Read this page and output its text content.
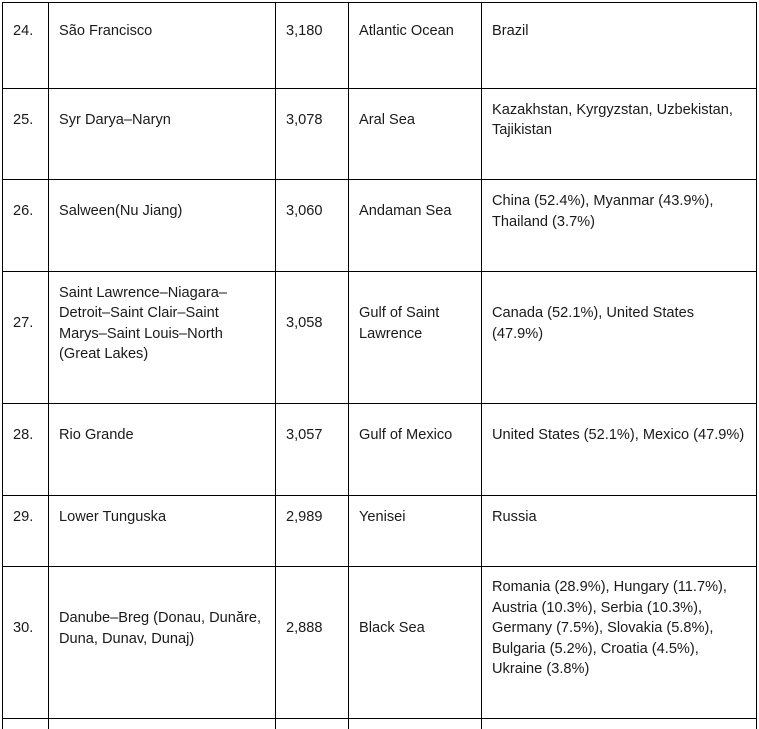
24.	São Francisco	3,180	Atlantic Ocean	Brazil
25.	Syr Darya–Naryn	3,078	Aral Sea	Kazakhstan, Kyrgyzstan, Uzbekistan, Tajikistan
26.	Salween(Nu Jiang)	3,060	Andaman Sea	China (52.4%), Myanmar (43.9%), Thailand (3.7%)
27.	Saint Lawrence–Niagara–Detroit–Saint Clair–Saint Marys–Saint Louis–North (Great Lakes)	3,058	Gulf of Saint Lawrence	Canada (52.1%), United States (47.9%)
28.	Rio Grande	3,057	Gulf of Mexico	United States (52.1%), Mexico (47.9%)
29.	Lower Tunguska	2,989	Yenisei	Russia
30.	Danube–Breg (Donau, Dunăre, Duna, Dunav, Dunaj)	2,888	Black Sea	Romania (28.9%), Hungary (11.7%), Austria (10.3%), Serbia (10.3%), Germany (7.5%), Slovakia (5.8%), Bulgaria (5.2%), Croatia (4.5%), Ukraine (3.8%)
